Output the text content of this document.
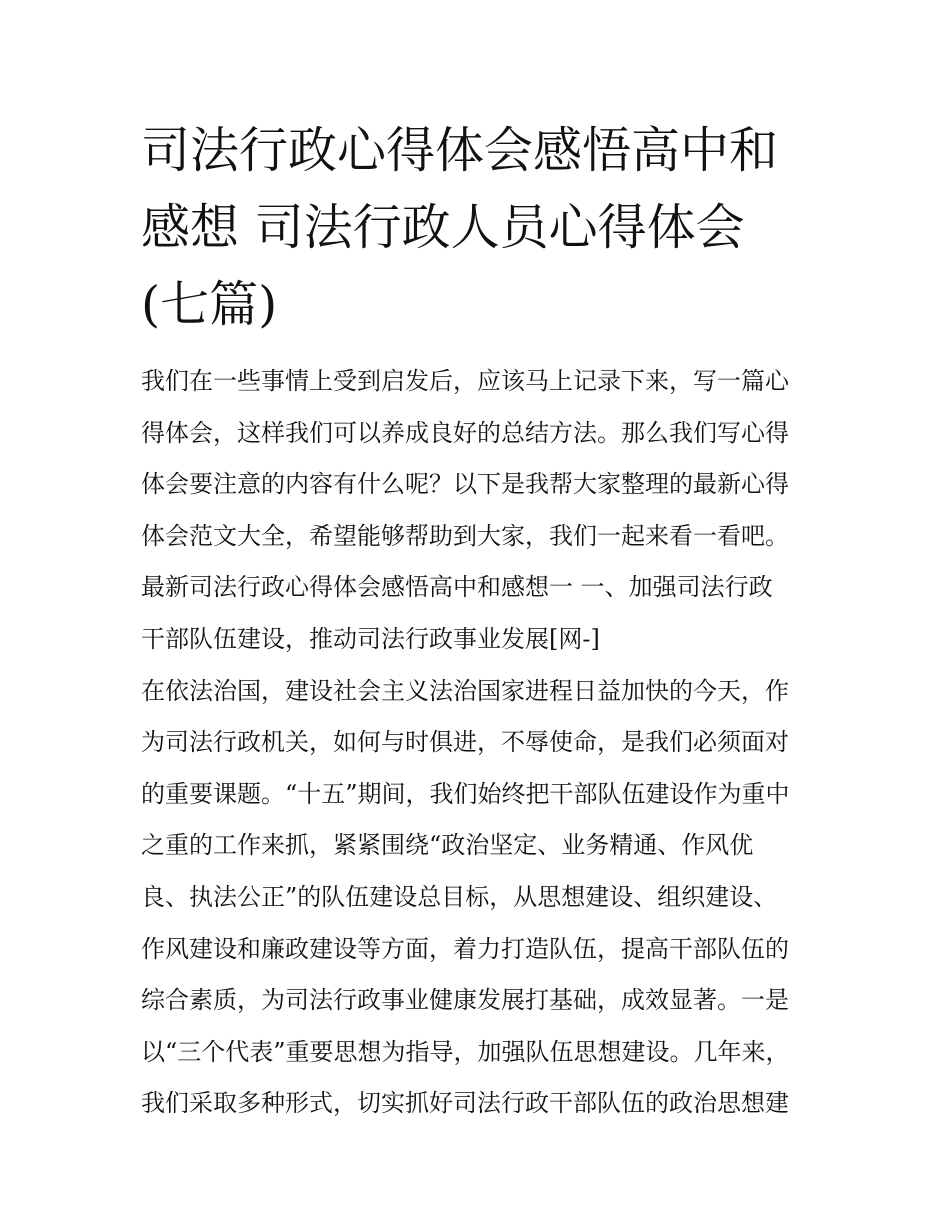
司法行政心得体会感悟高中和
感想 司法行政人员心得体会
(七篇)
我们在一些事情上受到启发后，应该马上记录下来，写一篇心
得体会，这样我们可以养成良好的总结方法。那么我们写心得
体会要注意的内容有什么呢？以下是我帮大家整理的最新心得
体会范文大全，希望能够帮助到大家，我们一起来看一看吧。
最新司法行政心得体会感悟高中和感想一 一、加强司法行政
干部队伍建设，推动司法行政事业发展[网-]
在依法治国，建设社会主义法治国家进程日益加快的今天，作
为司法行政机关，如何与时俱进，不辱使命，是我们必须面对
的重要课题。“十五”期间，我们始终把干部队伍建设作为重中
之重的工作来抓，紧紧围绕“政治坚定、业务精通、作风优
良、执法公正”的队伍建设总目标，从思想建设、组织建设、
作风建设和廉政建设等方面，着力打造队伍，提高干部队伍的
综合素质，为司法行政事业健康发展打基础，成效显著。一是
以“三个代表”重要思想为指导，加强队伍思想建设。几年来，
我们采取多种形式，切实抓好司法行政干部队伍的政治思想建
